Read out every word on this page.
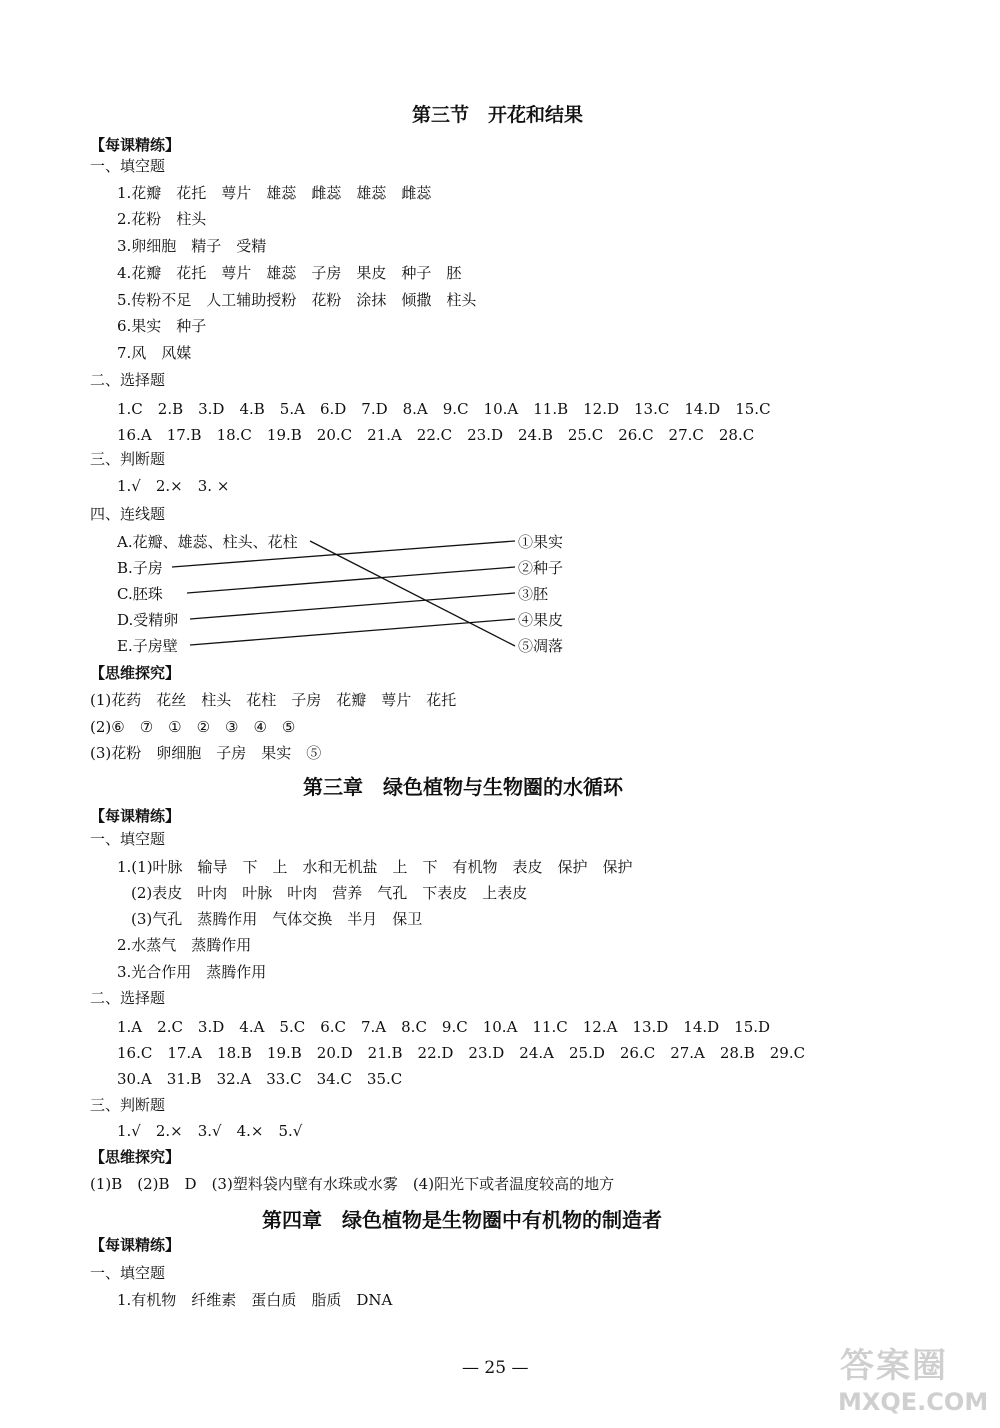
第三节　开花和结果
【每课精练】
一、填空题
1.花瓣　花托　萼片　雄蕊　雌蕊　雄蕊　雌蕊
2.花粉　柱头
3.卵细胞　精子　受精
4.花瓣　花托　萼片　雄蕊　子房　果皮　种子　胚
5.传粉不足　人工辅助授粉　花粉　涂抹　倾撒　柱头
6.果实　种子
7.风　风媒
二、选择题
1.C　2.B　3.D　4.B　5.A　6.D　7.D　8.A　9.C　10.A　11.B　12.D　13.C　14.D　15.C
16.A　17.B　18.C　19.B　20.C　21.A　22.C　23.D　24.B　25.C　26.C　27.C　28.C
三、判断题
1.√　2.×　3. ×
四、连线题
A.花瓣、雄蕊、柱头、花柱
B.子房
C.胚珠
D.受精卵
E.子房壁
①果实
②种子
③胚
④果皮
⑤凋落
【思维探究】
(1)花药　花丝　柱头　花柱　子房　花瓣　萼片　花托
(2)⑥　⑦　①　②　③　④　⑤
(3)花粉　卵细胞　子房　果实　⑤
第三章　绿色植物与生物圈的水循环
【每课精练】
一、填空题
1.(1)叶脉　输导　下　上　水和无机盐　上　下　有机物　表皮　保护　保护
(2)表皮　叶肉　叶脉　叶肉　营养　气孔　下表皮　上表皮
(3)气孔　蒸腾作用　气体交换　半月　保卫
2.水蒸气　蒸腾作用
3.光合作用　蒸腾作用
二、选择题
1.A　2.C　3.D　4.A　5.C　6.C　7.A　8.C　9.C　10.A　11.C　12.A　13.D　14.D　15.D
16.C　17.A　18.B　19.B　20.D　21.B　22.D　23.D　24.A　25.D　26.C　27.A　28.B　29.C
30.A　31.B　32.A　33.C　34.C　35.C
三、判断题
1.√　2.×　3.√　4.×　5.√
【思维探究】
(1)B　(2)B　D　(3)塑料袋内壁有水珠或水雾　(4)阳光下或者温度较高的地方
第四章　绿色植物是生物圈中有机物的制造者
【每课精练】
一、填空题
1.有机物　纤维素　蛋白质　脂质　DNA
— 25 —	答案圈
MXQE.COM
